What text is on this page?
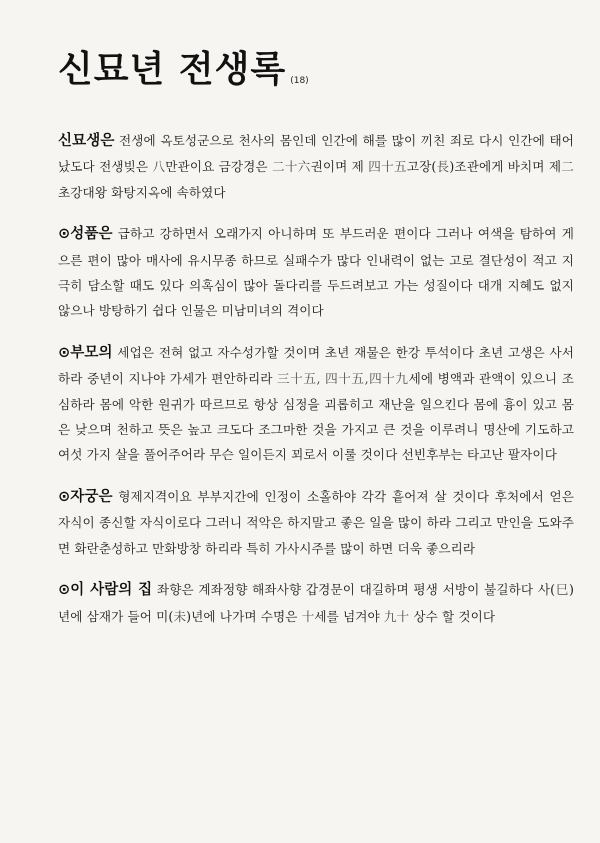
신묘년 전생록 (18)
신묘생은 전생에 옥토성군으로 천사의 몸인데 인간에 해를 많이 끼친 죄로 다시 인간에 태어 났도다 전생빚은 八만관이요 금강경은 二十六권이며 제 四十五고장(長)조관에게 바치며 제二 초강대왕 화탕지옥에 속하였다
⊙성품은 급하고 강하면서 오래가지 아니하며 또 부드러운 편이다 그러나 여색을 탐하여 게으른 편이 많아 매사에 유시무종 하므로 실패수가 많다 인내력이 없는 고로 결단성이 적고 지극히 담소할 때도 있다 의혹심이 많아 돌다리를 두드려보고 가는 성질이다 대개 지혜도 없지 않으나 방탕하기 쉽다 인물은 미남미녀의 격이다
⊙부모의 세업은 전혀 없고 자수성가할 것이며 초년 재물은 한강 투석이다 초년 고생은 사서하라 중년이 지나야 가세가 편안하리라 三十五, 四十五,四十九세에 병액과 관액이 있으니 조심하라 몸에 악한 원귀가 따르므로 항상 심정을 괴롭히고 재난을 일으킨다 몸에 흉이 있고 몸은 낮으며 천하고 뜻은 높고 크도다 조그마한 것을 가지고 큰 것을 이루려니 명산에 기도하고 여섯 가지 살을 풀어주어라 무슨 일이든지 꾀로서 이룰 것이다 선빈후부는 타고난 팔자이다
⊙자궁은 형제지격이요 부부지간에 인정이 소홀하야 각각 흩어져 살 것이다 후처에서 얻은 자식이 종신할 자식이로다 그러니 적악은 하지말고 좋은 일을 많이 하라 그리고 만인을 도와주면 화란춘성하고 만화방창 하리라 특히 가사시주를 많이 하면 더욱 좋으리라
⊙이 사람의 집 좌향은 계좌정향 해좌사향 갑경문이 대길하며 평생 서방이 불길하다 사(巳)년에 삼재가 들어 미(未)년에 나가며 수명은 十세를 넘겨야 九十 상수 할 것이다
